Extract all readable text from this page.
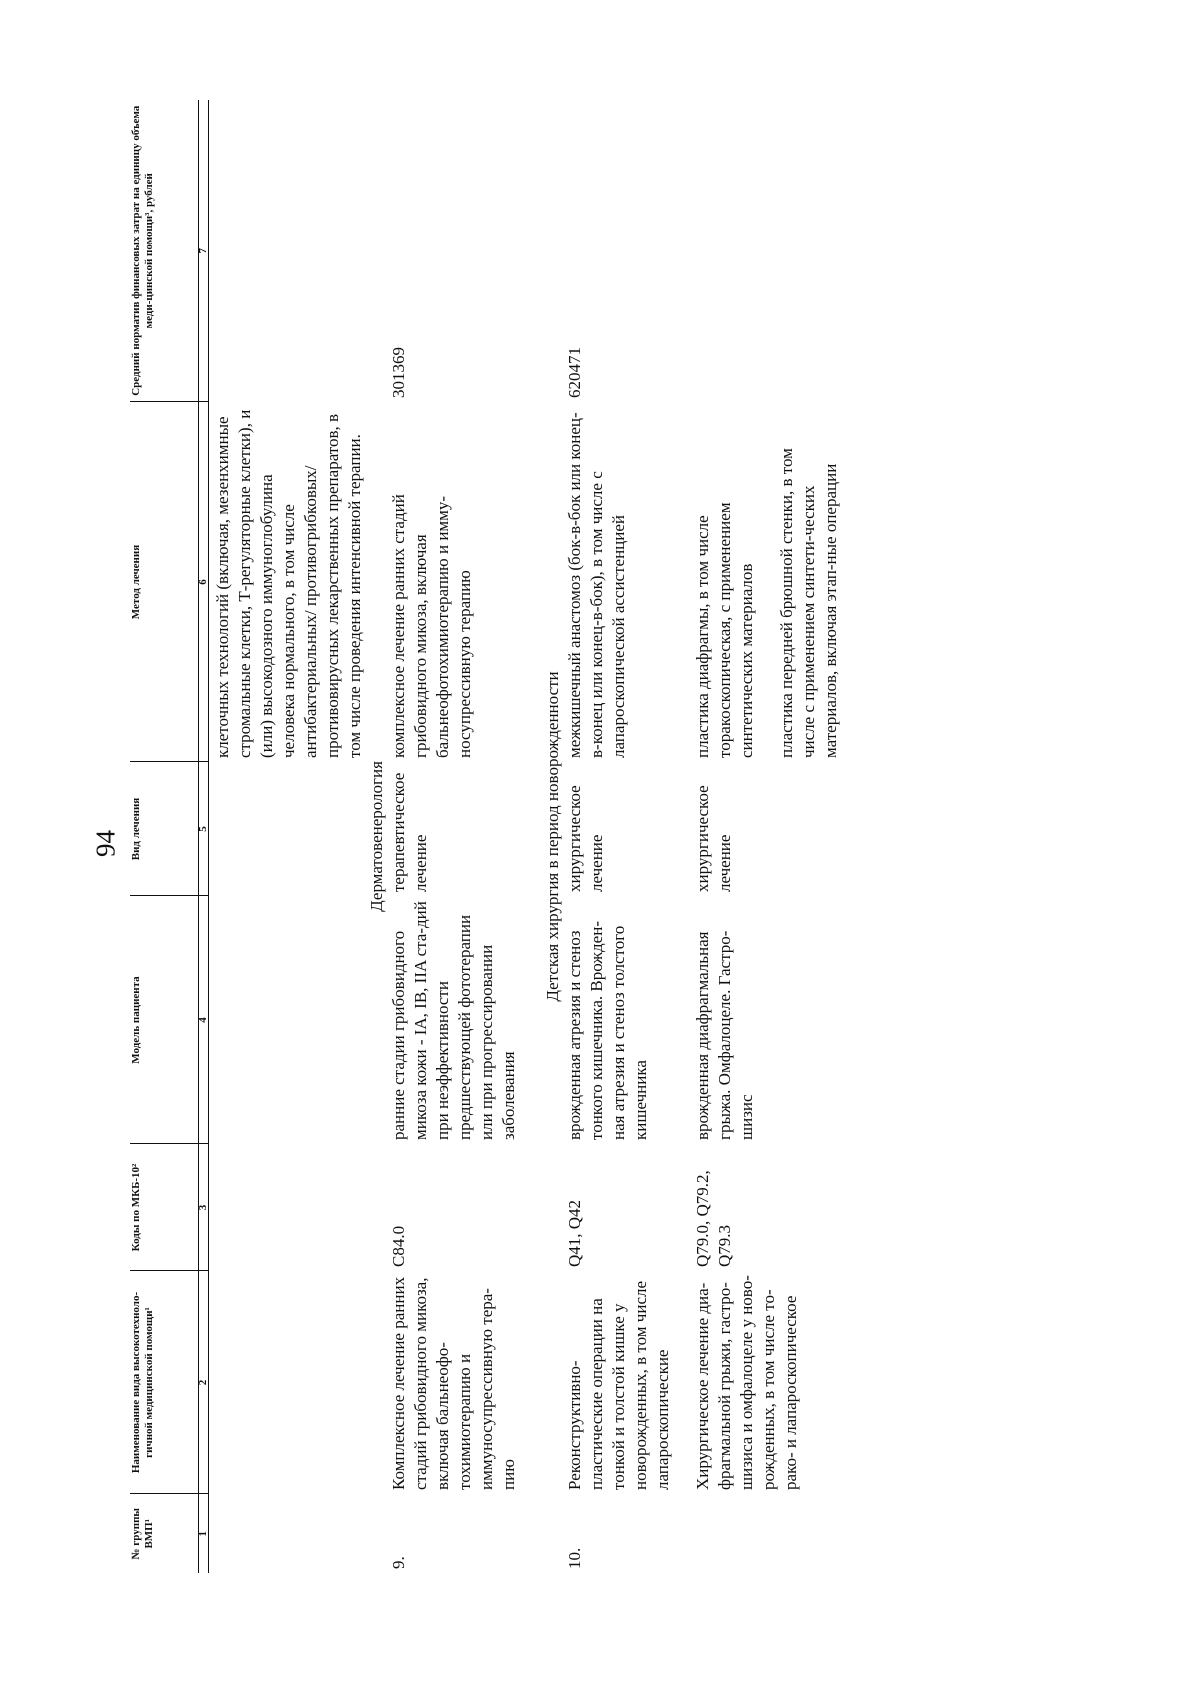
94
№ группы ВМП¹	Наименование вида высокотехноло-гичной медицинской помощи¹	Коды по МКБ-10²	Модель пациента	Вид лечения	Метод лечения	Средний норматив финансовых затрат на единицу объема меди-цинской помощи³, рублей
1	2	3	4	5	6	7
					клеточных технологий (включая, мезенхимные стромальные клетки, Т-регуляторные клетки), и (или) высокодозного иммуноглобулина человека нормального, в том числе антибактериальных/ противогрибковых/ противовирусных лекарственных препаратов, в том числе проведения интенсивной терапии.	
Дерматовенерология						
9.	Комплексное лечение ранних стадий грибовидного микоза, включая бальнеофо-тохимиотерапию и иммуносупрессивную тера-пию	C84.0	ранние стадии грибовидного микоза кожи - IA, IB, IIA ста-дий при неэффективности предшествующей фототерапии или при прогрессировании заболевания	терапевтическое лечение	комплексное лечение ранних стадий грибовидного микоза, включая бальнеофотохимиотерапию и имму-носупрессивную терапию	301369
Детская хирургия в период новорожденности						
10.	Реконструктивно-пластические операции на тонкой и толстой кишке у новорожденных, в том числе лапароскопические	Q41, Q42	врожденная атрезия и стеноз тонкого кишечника. Врожден-ная атрезия и стеноз толстого кишечника	хирургическое лечение	межкишечный анастомоз (бок-в-бок или конец-в-конец или конец-в-бок), в том числе с лапароскопической ассистенцией	620471
	Хирургическое лечение диа-фрагмальной грыжи, гастро-шизиса и омфалоцеле у ново-рожденных, в том числе то-рако- и лапароскопическое	Q79.0, Q79.2, Q79.3	врожденная диафрагмальная грыжа. Омфалоцеле. Гастро-шизис	хирургическое лечение	пластика диафрагмы, в том числе торакоскопическая, с применением синтетических материалов пластика передней брюшной стенки, в том числе с применением синтети-ческих материалов, включая этап-ные операции	
